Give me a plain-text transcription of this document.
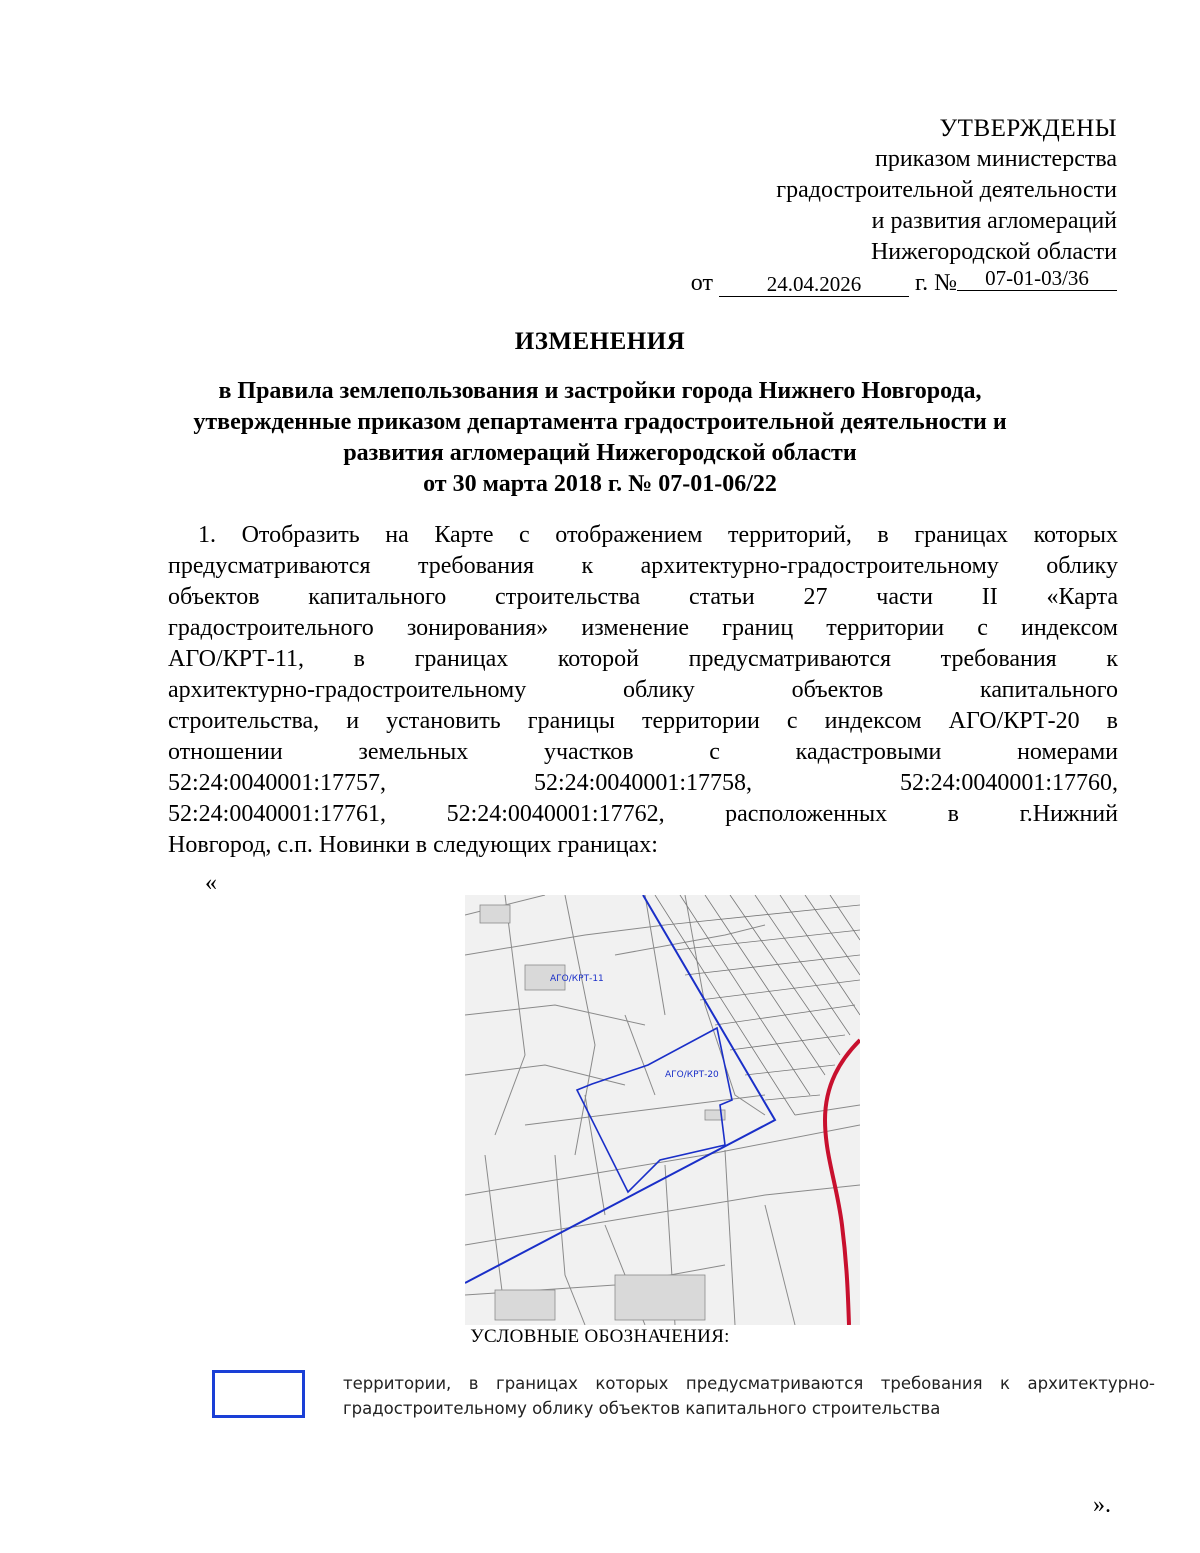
УТВЕРЖДЕНЫ
приказом министерства
градостроительной деятельности
и развития агломераций
Нижегородской области
от	24.04.2026 г. № 07-01-03/36
ИЗМЕНЕНИЯ
в Правила землепользования и застройки города Нижнего Новгорода,
утвержденные приказом департамента градостроительной деятельности и
развития агломераций Нижегородской области
от 30 марта 2018 г. № 07-01-06/22
1. Отобразить на Карте с отображением территорий, в границах которых
предусматриваются требования к архитектурно-градостроительному облику
объектов капитального строительства статьи 27 части II «Карта
градостроительного зонирования» изменение границ территории с индексом
АГО/КРТ-11, в границах которой предусматриваются требования к
архитектурно-градостроительному облику объектов капитального
строительства, и установить границы территории с индексом АГО/КРТ-20 в
отношении земельных участков с кадастровыми номерами
52:24:0040001:17757, 52:24:0040001:17758, 52:24:0040001:17760,
52:24:0040001:17761, 52:24:0040001:17762, расположенных в г.Нижний
Новгород, с.п. Новинки в следующих границах:
«
АГО/КРТ-11
АГО/КРТ-20
УСЛОВНЫЕ ОБОЗНАЧЕНИЯ:
территории, в границах которых предусматриваются требования к архитектурно-
градостроительному облику объектов капитального строительства
».
